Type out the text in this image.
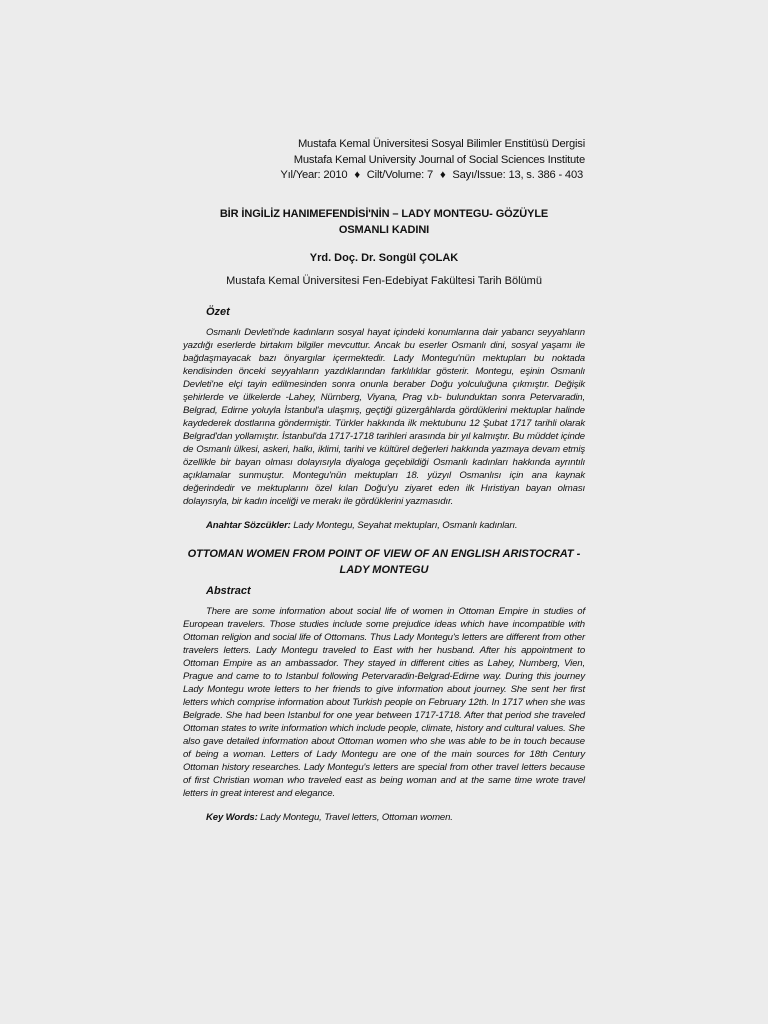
Mustafa Kemal Üniversitesi Sosyal Bilimler Enstitüsü Dergisi
Mustafa Kemal University Journal of Social Sciences Institute
Yıl/Year: 2010 ♦ Cilt/Volume: 7 ♦ Sayı/Issue: 13, s. 386 - 403
BİR İNGİLİZ HANIMEFENDİSİ'NİN – LADY MONTEGU- GÖZÜYLE
OSMANLI KADINI
Yrd. Doç. Dr. Songül ÇOLAK
Mustafa Kemal Üniversitesi Fen-Edebiyat Fakültesi Tarih Bölümü
Özet
Osmanlı Devleti'nde kadınların sosyal hayat içindeki konumlarına dair yabancı seyyahların yazdığı eserlerde birtakım bilgiler mevcuttur. Ancak bu eserler Osmanlı dini, sosyal yaşamı ile bağdaşmayacak bazı önyargılar içermektedir. Lady Montegu'nün mektupları bu noktada kendisinden önceki seyyahların yazdıklarından farklılıklar gösterir. Montegu, eşinin Osmanlı Devleti'ne elçi tayin edilmesinden sonra onunla beraber Doğu yolculuğuna çıkmıştır. Değişik şehirlerde ve ülkelerde -Lahey, Nürnberg, Viyana, Prag v.b- bulunduktan sonra Petervaradin, Belgrad, Edirne yoluyla İstanbul'a ulaşmış, geçtiği güzergâhlarda gördüklerini mektuplar halinde kaydederek dostlarına göndermiştir. Türkler hakkında ilk mektubunu 12 Şubat 1717 tarihli olarak Belgrad'dan yollamıştır. İstanbul'da 1717-1718 tarihleri arasında bir yıl kalmıştır. Bu müddet içinde de Osmanlı ülkesi, askeri, halkı, iklimi, tarihi ve kültürel değerleri hakkında yazmaya devam etmiş özellikle bir bayan olması dolayısıyla diyaloga geçebildiği Osmanlı kadınları hakkında ayrıntılı açıklamalar sunmuştur. Montegu'nün mektupları 18. yüzyıl Osmanlısı için ana kaynak değerindedir ve mektuplarını özel kılan Doğu'yu ziyaret eden ilk Hıristiyan bayan olması dolayısıyla, bir kadın inceliği ve merakı ile gördüklerini yazmasıdır.
Anahtar Sözcükler: Lady Montegu, Seyahat mektupları, Osmanlı kadınları.
OTTOMAN WOMEN FROM POINT OF VIEW OF AN ENGLISH ARISTOCRAT -
LADY MONTEGU
Abstract
There are some information about social life of women in Ottoman Empire in studies of European travelers. Those studies include some prejudice ideas which have incompatible with Ottoman religion and social life of Ottomans. Thus Lady Montegu's letters are different from other travelers letters. Lady Montegu traveled to East with her husband. After his appointment to Ottoman Empire as an ambassador. They stayed in different cities as Lahey, Numberg, Vien, Prague and came to to Istanbul following Petervaradin-Belgrad-Edirne way. During this journey Lady Montegu wrote letters to her friends to give information about journey. She sent her first letters which comprise information about Turkish people on February 12th. In 1717 when she was Belgrade. She had been Istanbul for one year between 1717-1718. After that period she traveled Ottoman states to write information which include people, climate, history and cultural values. She also gave detailed information about Ottoman women who she was able to be in touch because of being a woman. Letters of Lady Montegu are one of the main sources for 18th Century Ottoman history researches. Lady Montegu's letters are special from other travel letters because of first Christian woman who traveled east as being woman and at the same time wrote travel letters in great interest and elegance.
Key Words: Lady Montegu, Travel letters, Ottoman women.
